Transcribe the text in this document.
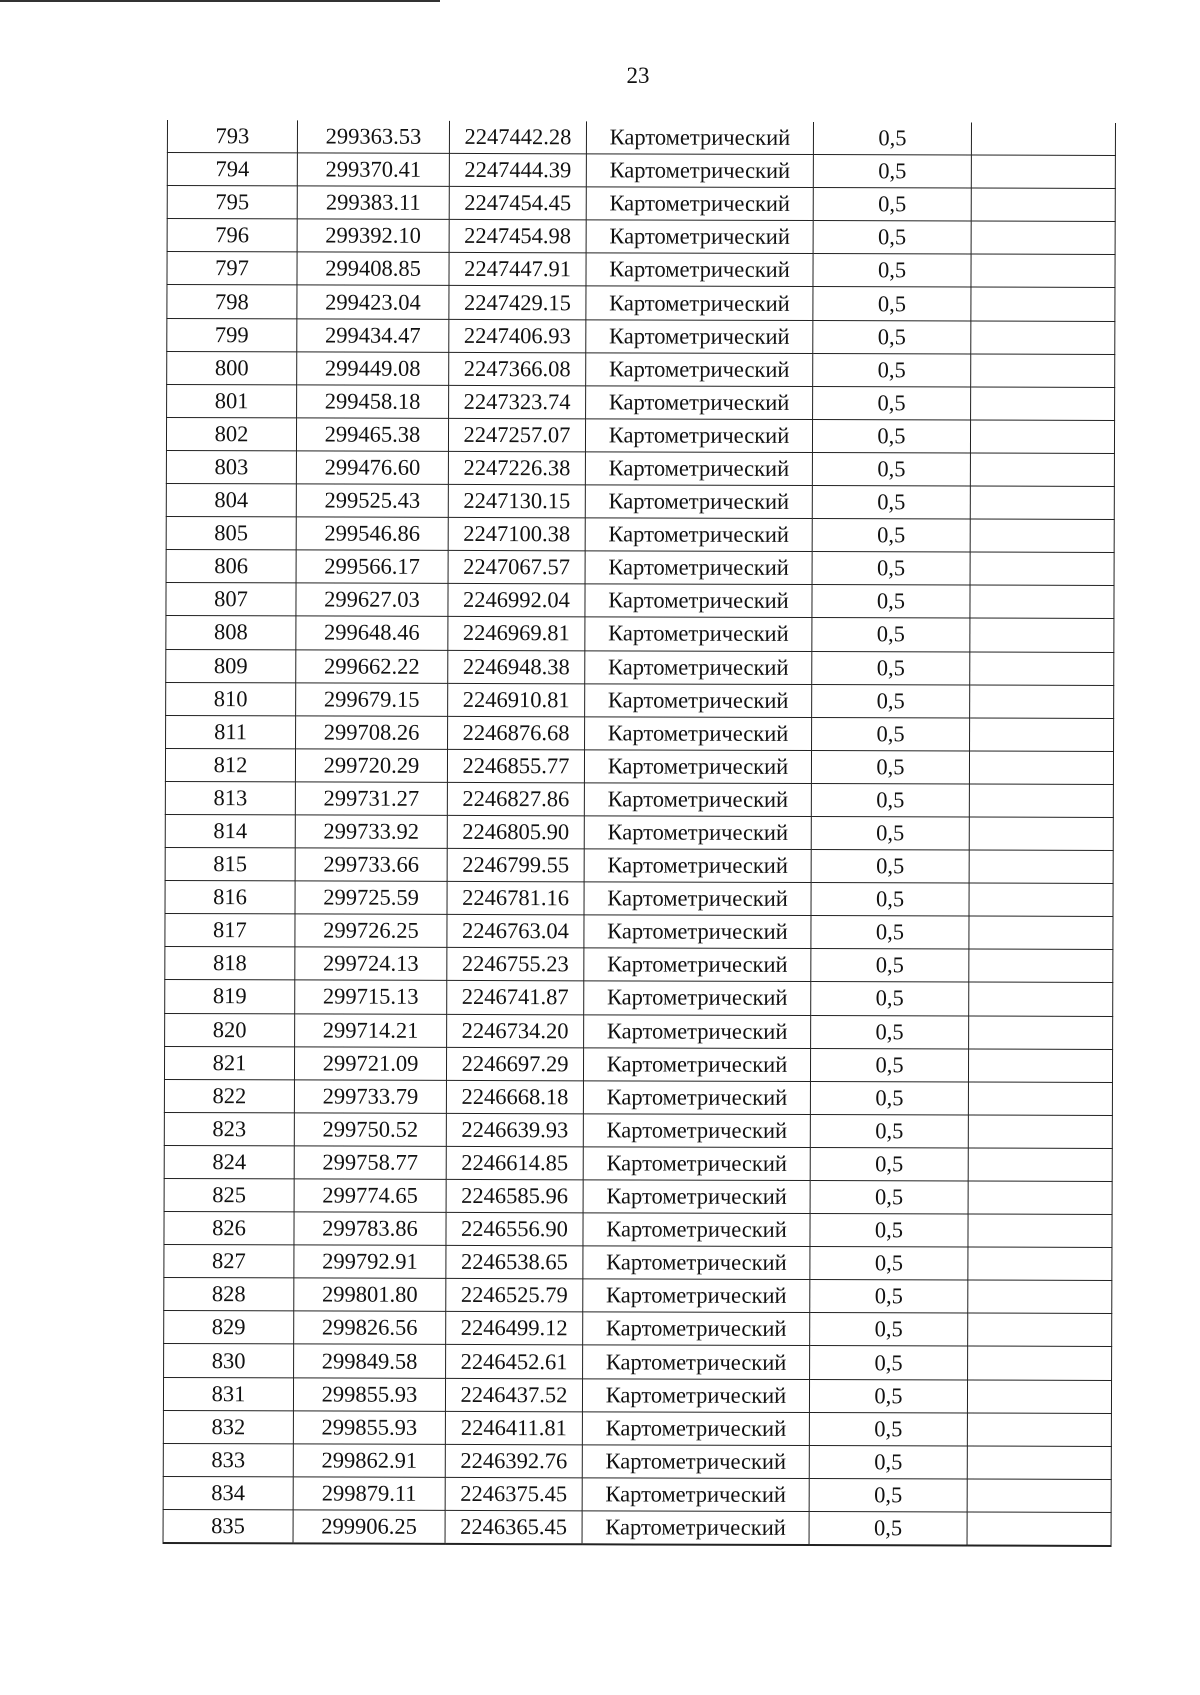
23
793	299363.53	2247442.28	Картометрический	0,5	
794	299370.41	2247444.39	Картометрический	0,5	
795	299383.11	2247454.45	Картометрический	0,5	
796	299392.10	2247454.98	Картометрический	0,5	
797	299408.85	2247447.91	Картометрический	0,5	
798	299423.04	2247429.15	Картометрический	0,5	
799	299434.47	2247406.93	Картометрический	0,5	
800	299449.08	2247366.08	Картометрический	0,5	
801	299458.18	2247323.74	Картометрический	0,5	
802	299465.38	2247257.07	Картометрический	0,5	
803	299476.60	2247226.38	Картометрический	0,5	
804	299525.43	2247130.15	Картометрический	0,5	
805	299546.86	2247100.38	Картометрический	0,5	
806	299566.17	2247067.57	Картометрический	0,5	
807	299627.03	2246992.04	Картометрический	0,5	
808	299648.46	2246969.81	Картометрический	0,5	
809	299662.22	2246948.38	Картометрический	0,5	
810	299679.15	2246910.81	Картометрический	0,5	
811	299708.26	2246876.68	Картометрический	0,5	
812	299720.29	2246855.77	Картометрический	0,5	
813	299731.27	2246827.86	Картометрический	0,5	
814	299733.92	2246805.90	Картометрический	0,5	
815	299733.66	2246799.55	Картометрический	0,5	
816	299725.59	2246781.16	Картометрический	0,5	
817	299726.25	2246763.04	Картометрический	0,5	
818	299724.13	2246755.23	Картометрический	0,5	
819	299715.13	2246741.87	Картометрический	0,5	
820	299714.21	2246734.20	Картометрический	0,5	
821	299721.09	2246697.29	Картометрический	0,5	
822	299733.79	2246668.18	Картометрический	0,5	
823	299750.52	2246639.93	Картометрический	0,5	
824	299758.77	2246614.85	Картометрический	0,5	
825	299774.65	2246585.96	Картометрический	0,5	
826	299783.86	2246556.90	Картометрический	0,5	
827	299792.91	2246538.65	Картометрический	0,5	
828	299801.80	2246525.79	Картометрический	0,5	
829	299826.56	2246499.12	Картометрический	0,5	
830	299849.58	2246452.61	Картометрический	0,5	
831	299855.93	2246437.52	Картометрический	0,5	
832	299855.93	2246411.81	Картометрический	0,5	
833	299862.91	2246392.76	Картометрический	0,5	
834	299879.11	2246375.45	Картометрический	0,5	
835	299906.25	2246365.45	Картометрический	0,5	
